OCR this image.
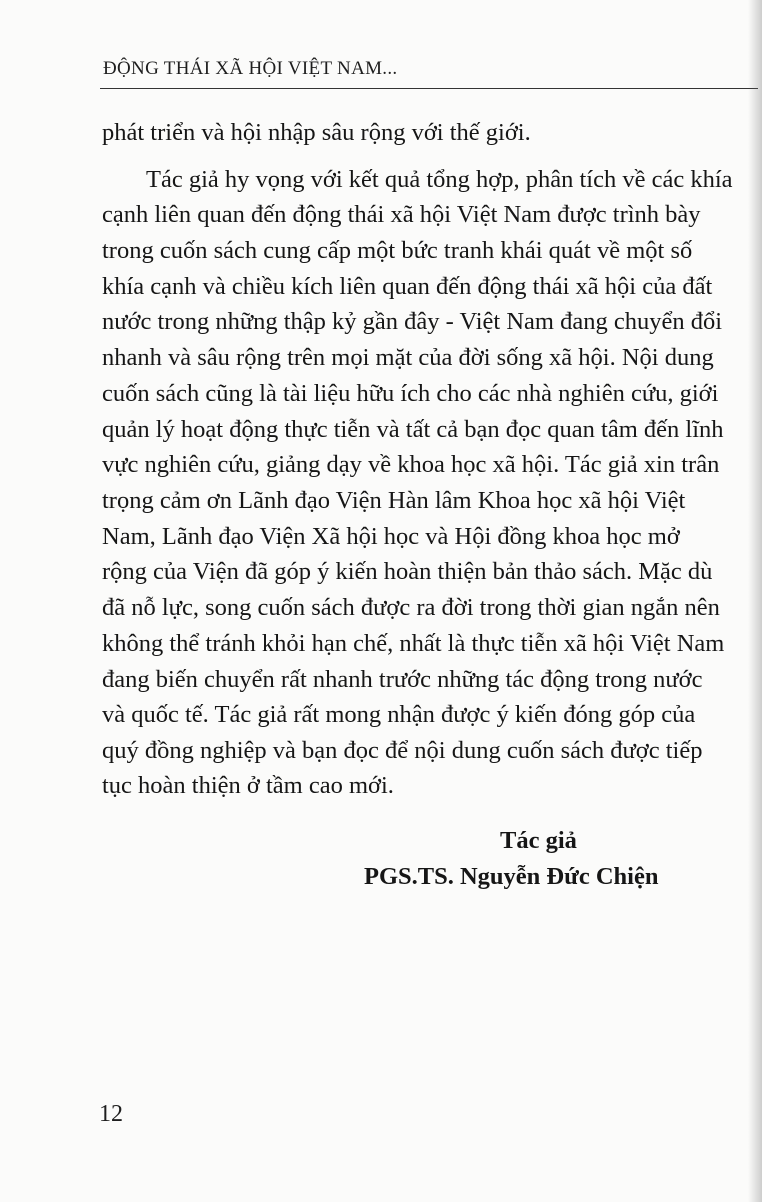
ĐỘNG THÁI XÃ HỘI VIỆT NAM...
phát triển và hội nhập sâu rộng với thế giới.
Tác giả hy vọng với kết quả tổng hợp, phân tích về các khía
cạnh liên quan đến động thái xã hội Việt Nam được trình bày
trong cuốn sách cung cấp một bức tranh khái quát về một số
khía cạnh và chiều kích liên quan đến động thái xã hội của đất
nước trong những thập kỷ gần đây - Việt Nam đang chuyển đổi
nhanh và sâu rộng trên mọi mặt của đời sống xã hội. Nội dung
cuốn sách cũng là tài liệu hữu ích cho các nhà nghiên cứu, giới
quản lý hoạt động thực tiễn và tất cả bạn đọc quan tâm đến lĩnh
vực nghiên cứu, giảng dạy về khoa học xã hội. Tác giả xin trân
trọng cảm ơn Lãnh đạo Viện Hàn lâm Khoa học xã hội Việt
Nam, Lãnh đạo Viện Xã hội học và Hội đồng khoa học mở
rộng của Viện đã góp ý kiến hoàn thiện bản thảo sách. Mặc dù
đã nỗ lực, song cuốn sách được ra đời trong thời gian ngắn nên
không thể tránh khỏi hạn chế, nhất là thực tiễn xã hội Việt Nam
đang biến chuyển rất nhanh trước những tác động trong nước
và quốc tế. Tác giả rất mong nhận được ý kiến đóng góp của
quý đồng nghiệp và bạn đọc để nội dung cuốn sách được tiếp
tục hoàn thiện ở tầm cao mới.
Tác giả
PGS.TS. Nguyễn Đức Chiện
12
